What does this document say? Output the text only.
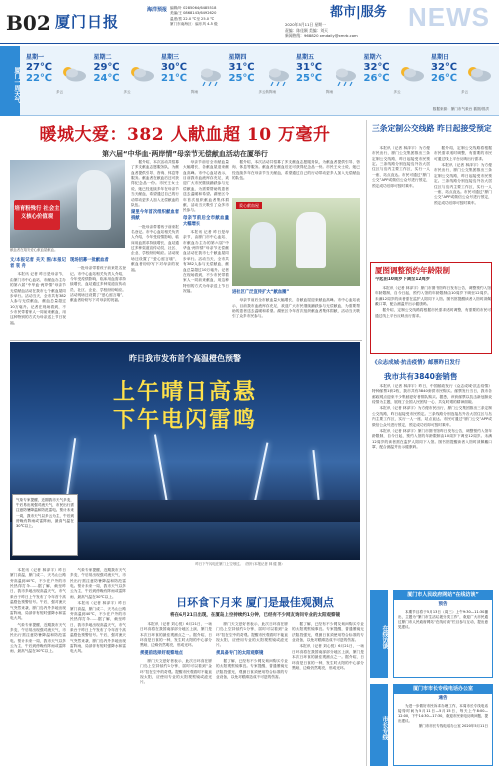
B02 厦门日报
海洋预报 编辑/叶 0285064/6485518
美编/王 0868143/6492620
温度/蔡 22.0 ℃至 25.0 ℃
厦门东南海区：偏东风 4-5 级
都市|服务 NEWS
2020年5月11日 星期一
责编：陈佳颖 美编：刘天
新闻热线：968820 xmdaily@xmrb.com
厦门一周天气
星期一
27℃
22℃
多云
星期二
29℃
24℃
多云
星期三
30℃
21℃
阵雨
星期四
31℃
25℃
多云转阵雨
星期五
31℃
25℃
阵雨
星期六
32℃
26℃
多云
星期日
32℃
26℃
多云
数据来源：厦门市气象台 插图/曾洪
暖城大爱：382 人献血超 10 万毫升
第六届“中华血·两岸情”母亲节无偿献血活动在厦举行
培育粉殊行 社会主义核心价值观
献血者在翔安爱心献血屋献血。

文/本报记者 关天 图/本报记者 袁 舟

本报讯 记者 昨日是母亲节，由厦门市中心血站、市献血办主办的第六届“中华血·两岸情”母亲节无偿献血活动在我市七个献血屋同步举行。活动当天，全市共有382人参与无偿献血，献血总量超过10万毫升。记者在现场看到，不少市民带着家人一同前来献血，用这种特别的方式为母亲送上节日祝福。

现场招募一批献血者

一批母亲带着孩子前来报名登记。市中心血站相关负责人介绍，今年受疫情影响，临床用血需求持续增长，血站通过多种渠道宣传动员，社区、企业、学校纷纷响应。活动现场还设置了“爱心留言墙”，献血者纷纷写下对母亲的祝福。

据介绍，本次活动共招募了多支献血志愿服务队，为献血者提供引导、咨询、休息等服务。献血者在献血后还可获得纪念品一份。市民王女士说，她已经连续多年在母亲节当天献血，希望通过自己的行动带动更多人加入无偿献血的队伍。

湖里今年首次组织献血者捐献

一批母亲带着孩子前来报名登记。市中心血站相关负责人介绍，今年受疫情影响，临床用血需求持续增长，血站通过多种渠道宣传动员，社区、企业、学校纷纷响应。活动现场还设置了“爱心留言墙”，献血者纷纷写下对母亲的祝福。

母亲节前后全市献血量大幅增长，各献血屋迎来献血高峰。市中心血站表示，目前我市血液库存充足，欢迎广大市民继续踊跃参与无偿献血，为需要帮助的患者送去温暖和希望。湖里区今年首次组织献血者集体捐献，活动当天吸引了众多市民参与。

母亲节前后全市献血量大幅增长

本报讯 记者 昨日是母亲节，由厦门市中心血站、市献血办主办的第六届“中华血·两岸情”母亲节无偿献血活动在我市七个献血屋同步举行。活动当天，全市共有382人参与无偿献血，献血总量超过10万毫升。记者在现场看到，不少市民带着家人一同前来献血，用这种特别的方式为母亲送上节日祝福。

据介绍，本次活动共招募了多支献血志愿服务队，为献血者提供引导、咨询、休息等服务。献血者在献血后还可获得纪念品一份。市民王女士说，她已经连续多年在母亲节当天献血，希望通过自己的行动带动更多人加入无偿献血的队伍。

爱心献血屋

进社区广泛宣传扩大“献血圈”

母亲节前后全市献血量大幅增长，各献血屋迎来献血高峰。市中心血站表示，目前我市血液库存充足，欢迎广大市民继续踊跃参与无偿献血，为需要帮助的患者送去温暖和希望。湖里区今年首次组织献血者集体捐献，活动当天吸引了众多市民参与。

昨日我市发布首个高温橙色预警
上午晴日高悬
下午电闪雷鸣
昨日下午闪电在厦门上空划过。（图片/本报记者 林 健 摄）
气象专家提醒，近期我市天气多变，午后易出现强对流天气，市民出行需注意防暑降温和防范雷电。预计未来一周，我市天气以多云为主，午后到傍晚有阵雨或雷阵雨，最高气温在30℃以上。

本报讯（记者 林泽宇）昨日厦门高温，厦门成二、天马山公路旁高温到40℃，不少在户外的市民热得打伞……据了解，截至昨日，我市多地出现高温天气，市气象台于昨日上午发布了今年首个高温橙色预警信号。午后，强对流天气突然来袭，厦门岛内外多地出现雷阵雨，局部伴有短时强降水和雷电大风。

气象专家提醒，近期我市天气多变，午后易出现强对流天气，市民出行需注意防暑降温和防范雷电。预计未来一周，我市天气以多云为主，午后到傍晚有阵雨或雷阵雨，最高气温在30℃以上。

气象专家提醒，近期我市天气多变，午后易出现强对流天气，市民出行需注意防暑降温和防范雷电。预计未来一周，我市天气以多云为主，午后到傍晚有阵雨或雷阵雨，最高气温在30℃以上。

本报讯（记者 林泽宇）昨日厦门高温，厦门成二、天马山公路旁高温到40℃，不少在户外的市民热得打伞……据了解，截至昨日，我市多地出现高温天气，市气象台于昨日上午发布了今年首个高温橙色预警信号。午后，强对流天气突然来袭，厦门岛内外多地出现雷阵雨，局部伴有短时强降水和雷电大风。

日环食下月来 厦门是最佳观测点
将在6月21日出现，在厦岛上空持续约1分钟，已经有不少网友询问专业的太阳观察镜

本报讯（记者 刘心悦）6月21日，一场日环食将在我国南部部分地区上演，厦门是本次日环食的最佳观测点之一。据介绍，日环食是日食的一种，发生时太阳的中心部分黑暗，边缘仍然明亮，形成光环。

须提前选择好观察地点

厦门天文爱好者表示，此次日环食在厦门岛上空持续约1分钟，届时可以看到“金环”挂在空中的奇观。提醒市民观看时不能直视太阳，应使用专业的太阳观察镜或滤光片。

厦门天文爱好者表示，此次日环食在厦门岛上空持续约1分钟，届时可以看到“金环”挂在空中的奇观。提醒市民观看时不能直视太阳，应使用专业的太阳观察镜或滤光片。

须具备专门的太阳观察镜

据了解，已经有不少网友询问购买专业的太阳观察镜事宜。专家提醒，普通墨镜无法阻挡强光，观测日食须使用符合标准的专业设备，以免对眼睛造成不可逆的伤害。

据了解，已经有不少网友询问购买专业的太阳观察镜事宜。专家提醒，普通墨镜无法阻挡强光，观测日食须使用符合标准的专业设备，以免对眼睛造成不可逆的伤害。

本报讯（记者 刘心悦）6月21日，一场日环食将在我国南部部分地区上演，厦门是本次日环食的最佳观测点之一。据介绍，日环食是日食的一种，发生时太阳的中心部分黑暗，边缘仍然明亮，形成光环。

三条定制公交线路 昨日起接受预定

本报讯（记者 林泽宇）为方便市民出行，厦门公交集团推出三条定制公交线路，昨日起接受市民预定。三条线路分别连接岛外各大居住区与岛内主要工作区，实行一人一座、站点直达。市民可通过“厦门公交”APP或微信公众号进行预定，预定成功后即可按时乘车。

据介绍，定制公交线路将根据市民需求适时调整，有需要的市民可通过线上平台反映出行需求。

本报讯（记者 林泽宇）为方便市民出行，厦门公交集团推出三条定制公交线路，昨日起接受市民预定。三条线路分别连接岛外各大居住区与岛内主要工作区，实行一人一座、站点直达。市民可通过“厦门公交”APP或微信公众号进行预定，预定成功后即可按时乘车。

厦图调整预约年龄限制
今起由10周岁下调至12周岁

本报讯（记者 林泽宇）厦门市图书馆昨日发布公告，调整预约入馆年龄限制，自今日起，预约入馆的年龄限制由10周岁下调至12周岁。未满12周岁的读者需在监护人陪同下入馆。图书馆提醒读者入馆时须佩戴口罩，配合测温并出示健康码。

据介绍，定制公交线路将根据市民需求适时调整，有需要的市民可通过线上平台反映出行需求。

《众志成城·抗击疫情》邮票昨日发行
我市共有3840套销售

本报讯（记者 林泽宇）昨日，中国邮政发行《众志成城·抗击疫情》特种邮票1套2枚，我市共有3840套供市民购买。邮票发行当日，我市各邮政网点迎来不少集邮爱好者排队购买。据悉，该套邮票以抗击新冠肺炎疫情为主题，展现了全国人民团结一心、共克时艰的精神面貌。

本报讯（记者 林泽宇）为方便市民出行，厦门公交集团推出三条定制公交线路，昨日起接受市民预定。三条线路分别连接岛外各大居住区与岛内主要工作区，实行一人一座、站点直达。市民可通过“厦门公交”APP或微信公众号进行预定，预定成功后即可按时乘车。

本报讯（记者 林泽宇）厦门市图书馆昨日发布公告，调整预约入馆年龄限制，自今日起，预约入馆的年龄限制由10周岁下调至12周岁。未满12周岁的读者需在监护人陪同下入馆。图书馆提醒读者入馆时须佩戴口罩，配合测温并出示健康码。

在线访谈
厦门市人民政府网站“在线访谈”
预告

本期节目将于5月13日（周三）上午9:30—11:30播出，主题为“厦门市生活垃圾分类工作”，欢迎广大市民通过厦门市人民政府网站“在线访谈”栏目参与互动，提出意见建议。

市长专线
厦门市市长专线电话办公室
通告

为进一步做好市民诉求办理工作，本周市长专线电话接待时间为5月11日—5月15日，每天上午8:00—12:00，下午14:30—17:30，欢迎市民来电反映问题、提出建议。

厦门市市长专线电话办公室 2020年5月11日
